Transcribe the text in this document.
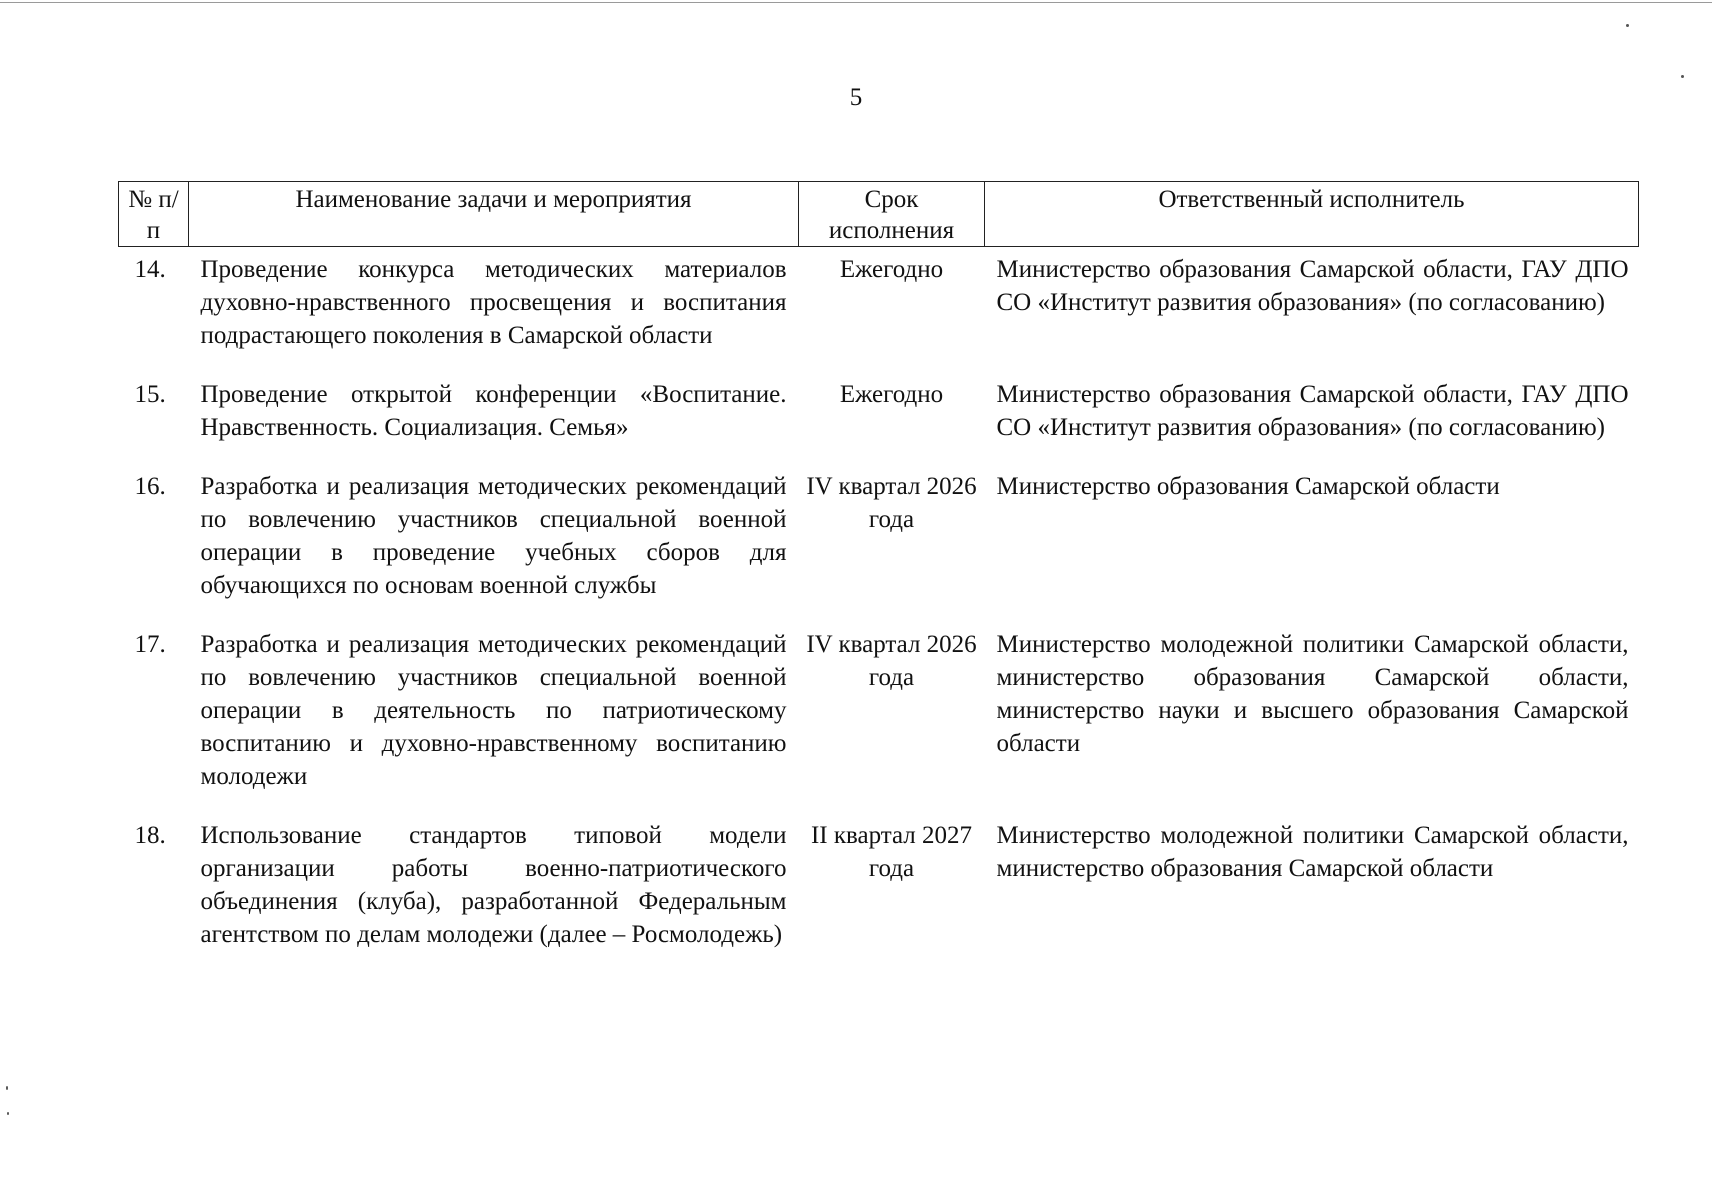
5
№ п/п	Наименование задачи и мероприятия	Срок исполнения	Ответственный исполнитель
14.	Проведение конкурса методических материалов духовно-нравственного просвещения и воспитания подрастающего поколения в Самарской области	Ежегодно	Министерство образования Самарской области, ГАУ ДПО СО «Институт развития образования» (по согласованию)
15.	Проведение открытой конференции «Воспитание. Нравственность. Социализация. Семья»	Ежегодно	Министерство образования Самарской области, ГАУ ДПО СО «Институт развития образования» (по согласованию)
16.	Разработка и реализация методических рекомендаций по вовлечению участников специальной военной операции в проведение учебных сборов для обучающихся по основам военной службы	IV квартал 2026 года	Министерство образования Самарской области
17.	Разработка и реализация методических рекомендаций по вовлечению участников специальной военной операции в деятельность по патриотическому воспитанию и духовно-нравственному воспитанию молодежи	IV квартал 2026 года	Министерство молодежной политики Самарской области, министерство образования Самарской области, министерство науки и высшего образования Самарской области
18.	Использование стандартов типовой модели организации работы военно-патриотического объединения (клуба), разработанной Федеральным агентством по делам молодежи (далее – Росмолодежь)	II квартал 2027 года	Министерство молодежной политики Самарской области, министерство образования Самарской области
